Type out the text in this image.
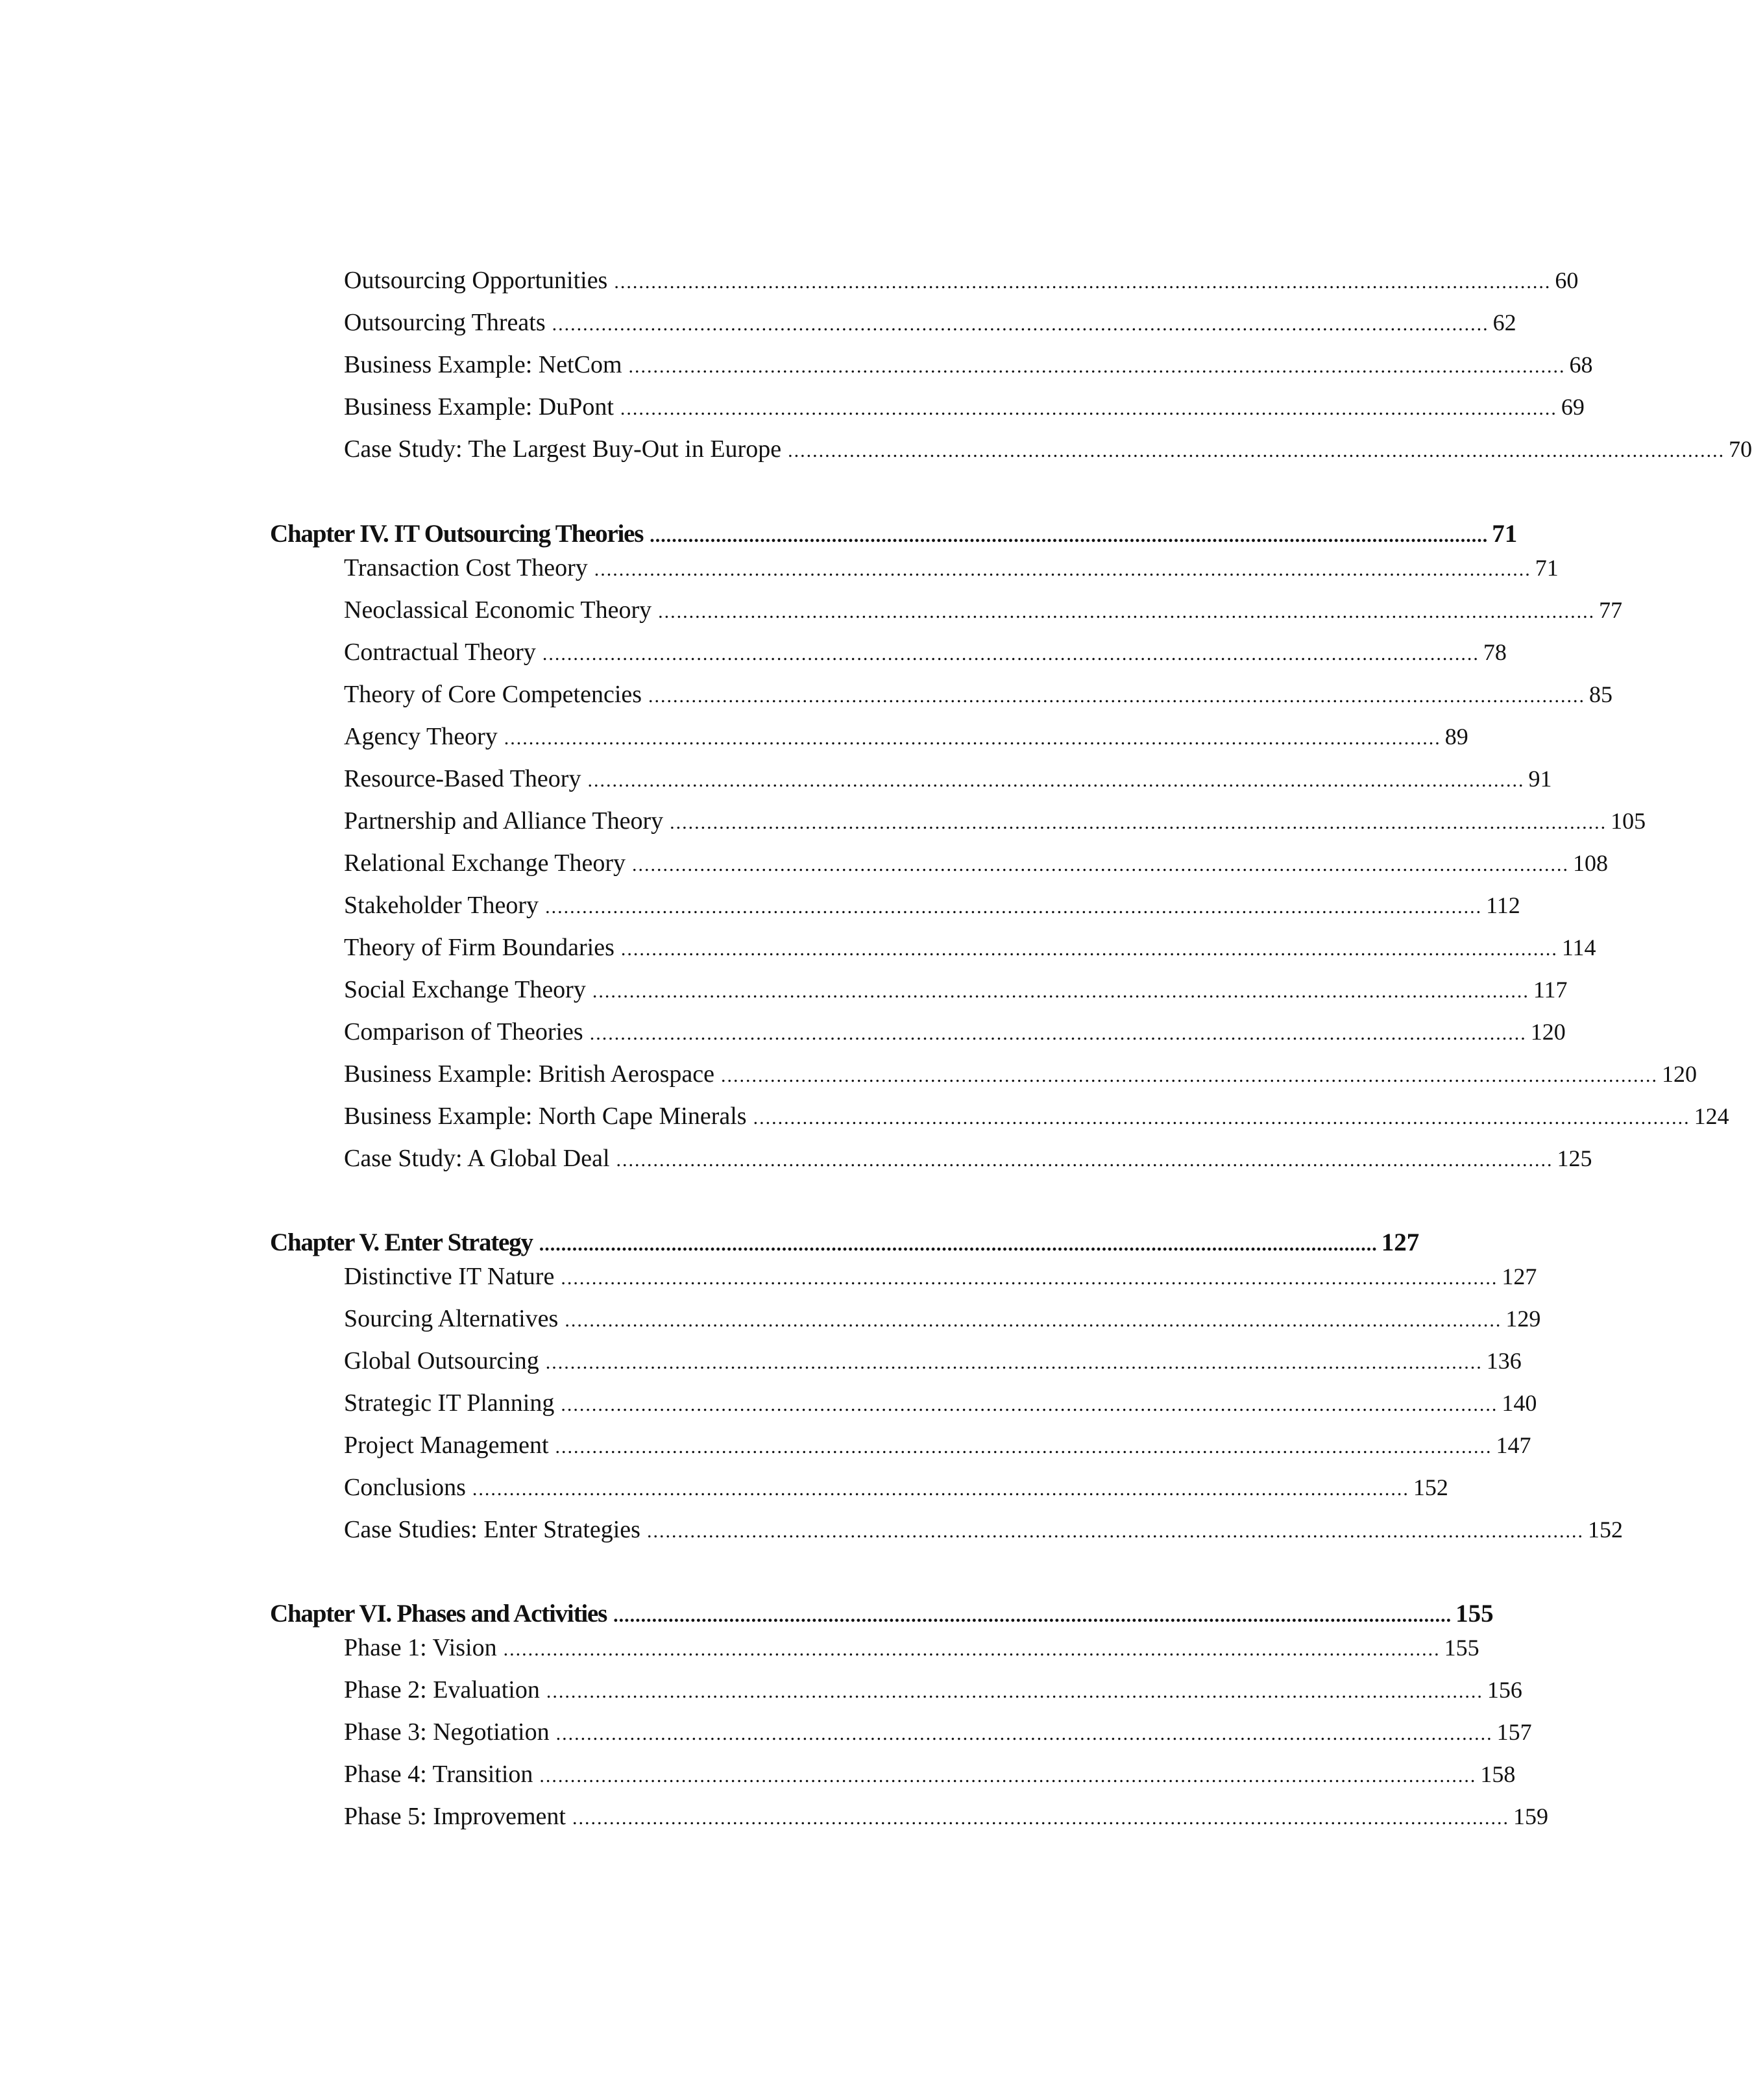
Outsourcing Opportunities ........................................................................................................................................................ 60
Outsourcing Threats ........................................................................................................................................................ 62
Business Example: NetCom ........................................................................................................................................................ 68
Business Example: DuPont ........................................................................................................................................................ 69
Case Study: The Largest Buy-Out in Europe ........................................................................................................................................................ 70
Chapter IV. IT Outsourcing Theories ........................................................................................................................................................ 71
Transaction Cost Theory ........................................................................................................................................................ 71
Neoclassical Economic Theory ........................................................................................................................................................ 77
Contractual Theory ........................................................................................................................................................ 78
Theory of Core Competencies ........................................................................................................................................................ 85
Agency Theory ........................................................................................................................................................ 89
Resource-Based Theory ........................................................................................................................................................ 91
Partnership and Alliance Theory ........................................................................................................................................................ 105
Relational Exchange Theory ........................................................................................................................................................ 108
Stakeholder Theory ........................................................................................................................................................ 112
Theory of Firm Boundaries ........................................................................................................................................................ 114
Social Exchange Theory ........................................................................................................................................................ 117
Comparison of Theories ........................................................................................................................................................ 120
Business Example: British Aerospace ........................................................................................................................................................ 120
Business Example: North Cape Minerals ........................................................................................................................................................ 124
Case Study: A Global Deal ........................................................................................................................................................ 125
Chapter V. Enter Strategy ........................................................................................................................................................ 127
Distinctive IT Nature ........................................................................................................................................................ 127
Sourcing Alternatives ........................................................................................................................................................ 129
Global Outsourcing ........................................................................................................................................................ 136
Strategic IT Planning ........................................................................................................................................................ 140
Project Management ........................................................................................................................................................ 147
Conclusions ........................................................................................................................................................ 152
Case Studies: Enter Strategies ........................................................................................................................................................ 152
Chapter VI. Phases and Activities ........................................................................................................................................................ 155
Phase 1: Vision ........................................................................................................................................................ 155
Phase 2: Evaluation ........................................................................................................................................................ 156
Phase 3: Negotiation ........................................................................................................................................................ 157
Phase 4: Transition ........................................................................................................................................................ 158
Phase 5: Improvement ........................................................................................................................................................ 159
